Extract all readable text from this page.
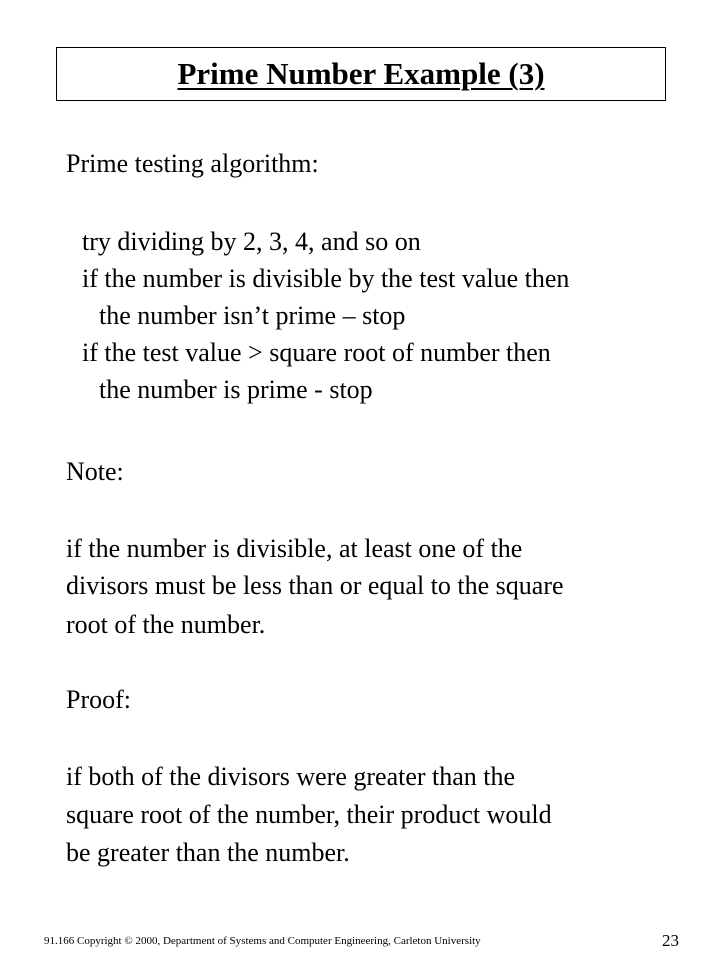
Prime Number Example (3)
Prime testing algorithm:
try dividing by 2, 3, 4, and so on
if the number is divisible by the test value then
the number isn’t prime – stop
if the test value > square root of number then
the number is prime - stop
Note:
if the number is divisible, at least one of the
divisors must be less than or equal to the square
root of the number.
Proof:
if both of the divisors were greater than the
square root of the number, their product would
be greater than the number.
91.166 Copyright © 2000, Department of Systems and Computer Engineering, Carleton University	23
